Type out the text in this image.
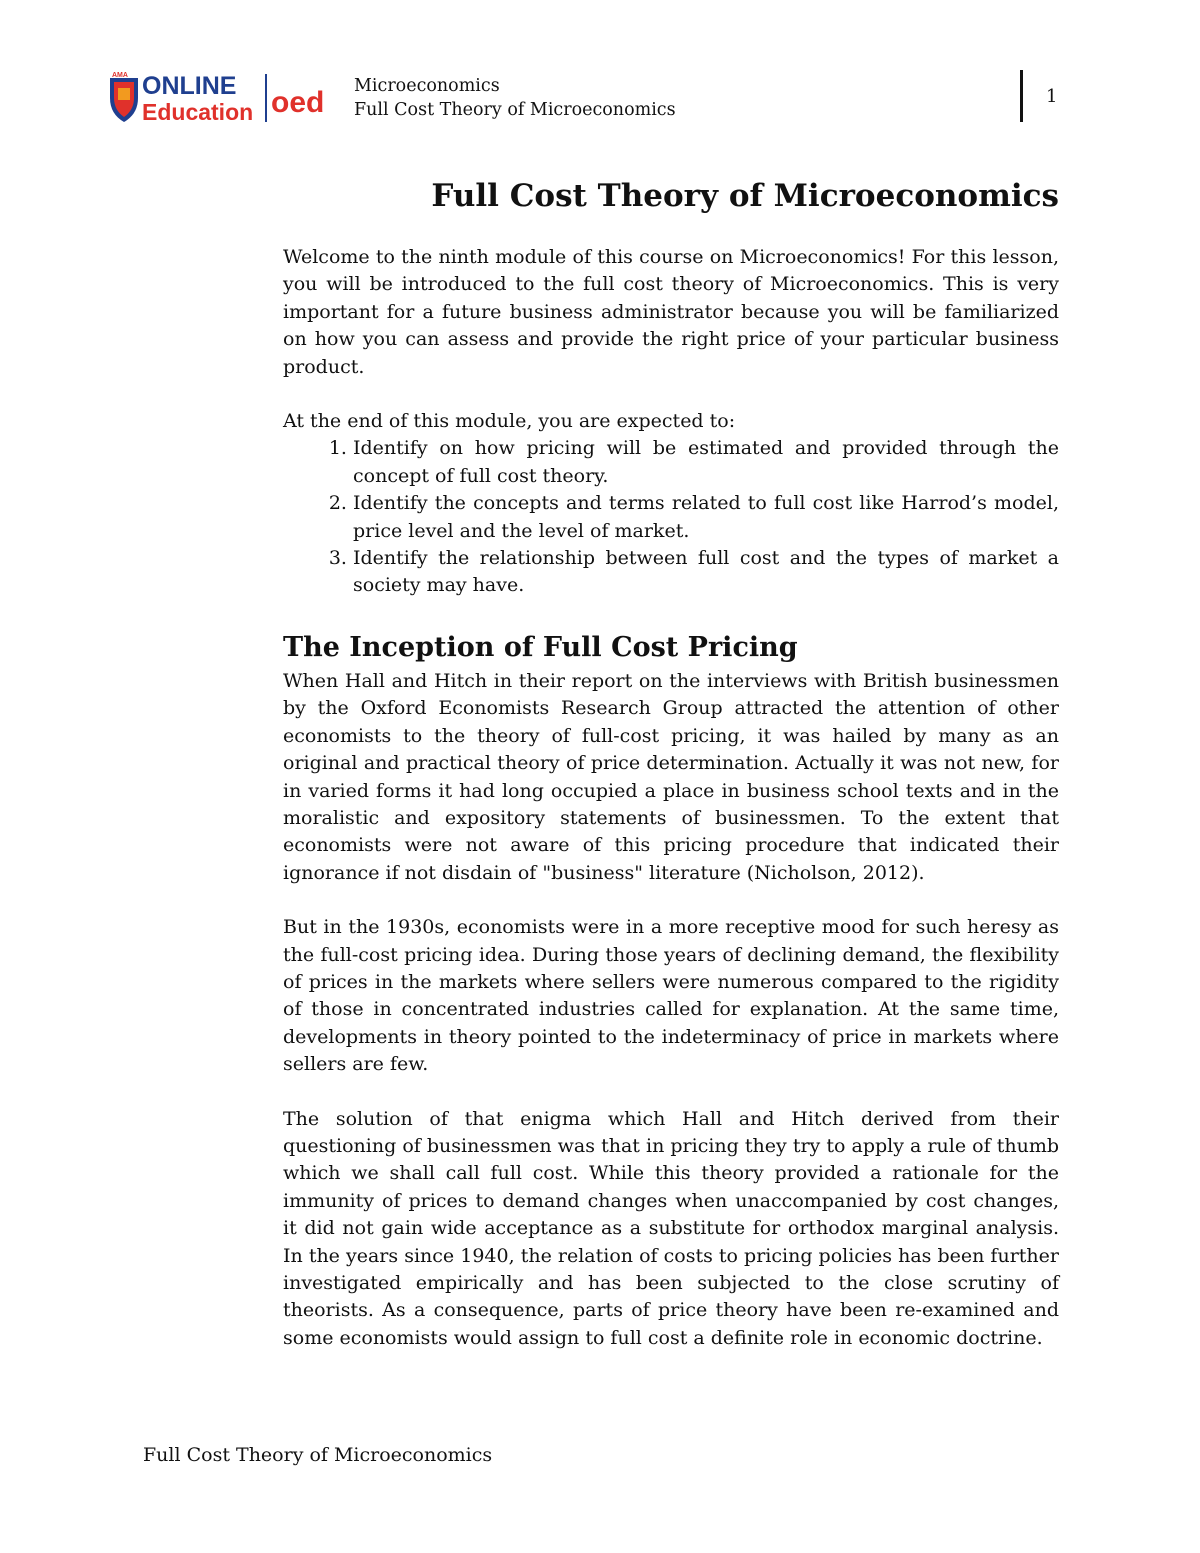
AMA ONLINE
Education oed Microeconomics
Full Cost Theory of Microeconomics
1
Full Cost Theory of Microeconomics

Welcome to the ninth module of this course on Microeconomics! For this lesson, you will be introduced to the full cost theory of Microeconomics. This is very important for a future business administrator because you will be familiarized on how you can assess and provide the right price of your particular business product.

At the end of this module, you are expected to:

1. Identify on how pricing will be estimated and provided through the concept of full cost theory.
2. Identify the concepts and terms related to full cost like Harrod’s model, price level and the level of market.
3. Identify the relationship between full cost and the types of market a society may have.
The Inception of Full Cost Pricing

When Hall and Hitch in their report on the interviews with British businessmen by the Oxford Economists Research Group attracted the attention of other economists to the theory of full-cost pricing, it was hailed by many as an original and practical theory of price determination. Actually it was not new, for in varied forms it had long occupied a place in business school texts and in the moralistic and expository statements of businessmen. To the extent that economists were not aware of this pricing procedure that indicated their ignorance if not disdain of "business" literature (Nicholson, 2012).

But in the 1930s, economists were in a more receptive mood for such heresy as the full-cost pricing idea. During those years of declining demand, the flexibility of prices in the markets where sellers were numerous compared to the rigidity of those in concentrated industries called for explanation. At the same time, developments in theory pointed to the indeterminacy of price in markets where sellers are few.

The solution of that enigma which Hall and Hitch derived from their questioning of businessmen was that in pricing they try to apply a rule of thumb which we shall call full cost. While this theory provided a rationale for the immunity of prices to demand changes when unaccompanied by cost changes, it did not gain wide acceptance as a substitute for orthodox marginal analysis. In the years since 1940, the relation of costs to pricing policies has been further investigated empirically and has been subjected to the close scrutiny of theorists. As a consequence, parts of price theory have been re-examined and some economists would assign to full cost a definite role in economic doctrine.

Full Cost Theory of Microeconomics
